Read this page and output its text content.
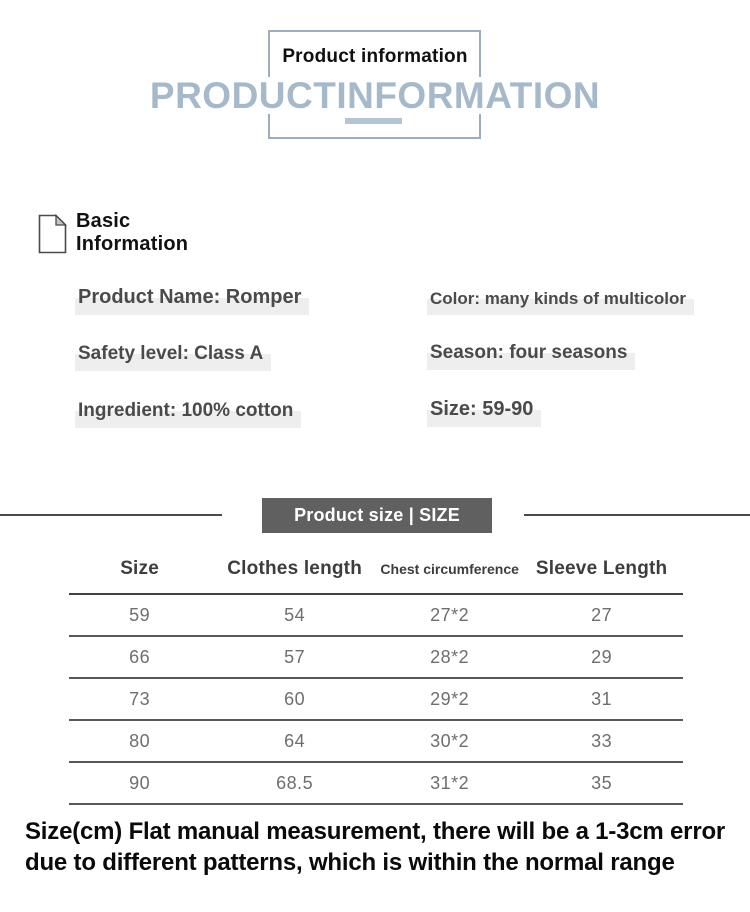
PRODUCTINFORMATION
Product information
Basic
Information
Product Name: Romper
Safety level: Class A
Ingredient: 100% cotton
Color: many kinds of multicolor
Season: four seasons
Size: 59-90
Product size | SIZE
Size	Clothes length	Chest circumference	Sleeve Length
59	54	27*2	27
66	57	28*2	29
73	60	29*2	31
80	64	30*2	33
90	68.5	31*2	35
Size(cm) Flat manual measurement, there will be a 1-3cm error
due to different patterns, which is within the normal range
